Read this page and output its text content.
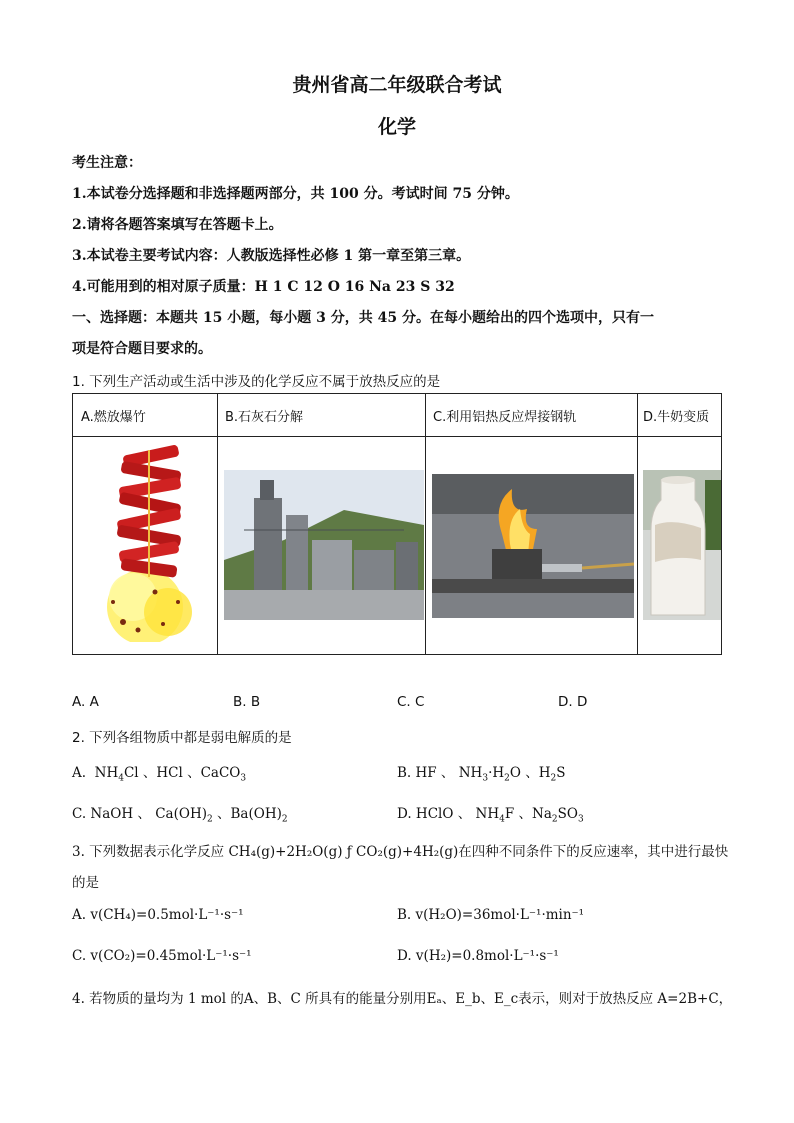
贵州省高二年级联合考试
化学
考生注意：
1.本试卷分选择题和非选择题两部分，共 100 分。考试时间 75 分钟。
2.请将各题答案填写在答题卡上。
3.本试卷主要考试内容：人教版选择性必修 1 第一章至第三章。
4.可能用到的相对原子质量：H 1 C 12 O 16 Na 23 S 32
一、选择题：本题共 15 小题，每小题 3 分，共 45 分。在每小题给出的四个选项中，只有一
项是符合题目要求的。
1. 下列生产活动或生活中涉及的化学反应不属于放热反应的是
A.燃放爆竹	B.石灰石分解	C.利用铝热反应焊接钢轨	D.牛奶变质
A. A	B. B	C. C	D. D
2. 下列各组物质中都是弱电解质的是
A.  $NH_4Cl$ 、HCl 、CaCO$_3$	B. HF 、 $NH_3\cdot H_2O$ 、$H_2S$
C. NaOH 、 $Ca(OH)_2$ 、$Ba(OH)_2$	D. HClO 、 $NH_4F$ 、$Na_2SO_3$
3. 下列数据表示化学反应 CH₄(g)+2H₂O(g) ƒ CO₂(g)+4H₂(g)在四种不同条件下的反应速率，其中进行最快
的是
A. v(CH₄)=0.5mol·L⁻¹·s⁻¹	B. v(H₂O)=36mol·L⁻¹·min⁻¹
C. v(CO₂)=0.45mol·L⁻¹·s⁻¹	D. v(H₂)=0.8mol·L⁻¹·s⁻¹
4. 若物质的量均为 1 mol 的A、B、C 所具有的能量分别用Eₐ、E_b、E_c表示，则对于放热反应 A=2B+C，
